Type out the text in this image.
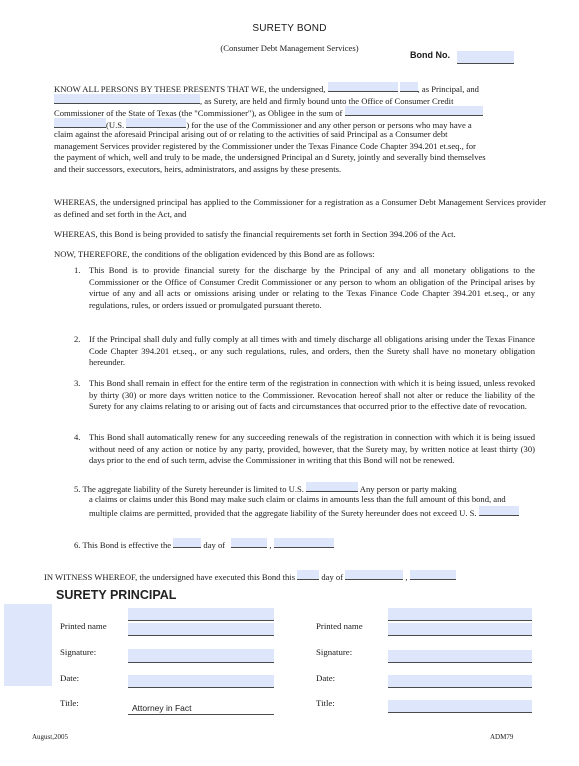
SURETY BOND
(Consumer Debt Management Services)
Bond No.
KNOW ALL PERSONS BY THESE PRESENTS THAT WE, the undersigned,	, as Principal, and
, as Surety, are held and firmly bound unto the Office of Consumer Credit
Commissioner of the State of Texas (the "Commissioner"), as Obligee in the sum of
(U.S.	) for the use of the Commissioner and any other person or persons who may have a
claim against the aforesaid Principal arising out of or relating to the activities of said Principal as a Consumer debt management Services provider registered by the Commissioner under the Texas Finance Code Chapter 394.201 et.seq., for the payment of which, well and truly to be made, the undersigned Principal an d Surety, jointly and severally bind themselves and their successors, executors, heirs, administrators, and assigns by these presents.
WHEREAS, the undersigned principal has applied to the Commissioner for a registration as a Consumer Debt Management Services provider as defined and set forth in the Act, and
WHEREAS, this Bond is being provided to satisfy the financial requirements set forth in Section 394.206 of the Act.
NOW, THEREFORE, the conditions of the obligation evidenced by this Bond are as follows:
1. This Bond is to provide financial surety for the discharge by the Principal of any and all monetary obligations to the Commissioner or the Office of Consumer Credit Commissioner or any person to whom an obligation of the Principal arises by virtue of any and all acts or omissions arising under or relating to the Texas Finance Code Chapter 394.201 et.seq., or any regulations, rules, or orders issued or promulgated pursuant thereto.
2. If the Principal shall duly and fully comply at all times with and timely discharge all obligations arising under the Texas Finance Code Chapter 394.201 et.seq., or any such regulations, rules, and orders, then the Surety shall have no monetary obligation hereunder.
3. This Bond shall remain in effect for the entire term of the registration in connection with which it is being issued, unless revoked by thirty (30) or more days written notice to the Commissioner. Revocation hereof shall not alter or reduce the liability of the Surety for any claims relating to or arising out of facts and circumstances that occurred prior to the effective date of revocation.
4. This Bond shall automatically renew for any succeeding renewals of the registration in connection with which it is being issued without need of any action or notice by any party, provided, however, that the Surety may, by written notice at least thirty (30) days prior to the end of such term, advise the Commissioner in writing that this Bond will not be renewed.
5. The aggregate liability of the Surety hereunder is limited to U.S.	Any person or party making
a claims or claims under this Bond may make such claim or claims in amounts less than the full amount of this bond, and multiple claims are permitted, provided that the aggregate liability of the Surety hereunder does not exceed U. S.
6. This Bond is effective the	day of	,
IN WITNESS WHEREOF, the undersigned have executed this Bond this	day of	,
SURETY PRINCIPAL
Printed name
Signature:
Date:
Title:	Attorney in Fact
Printed name
Signature:
Date:
Title:
August,2005	ADM79
